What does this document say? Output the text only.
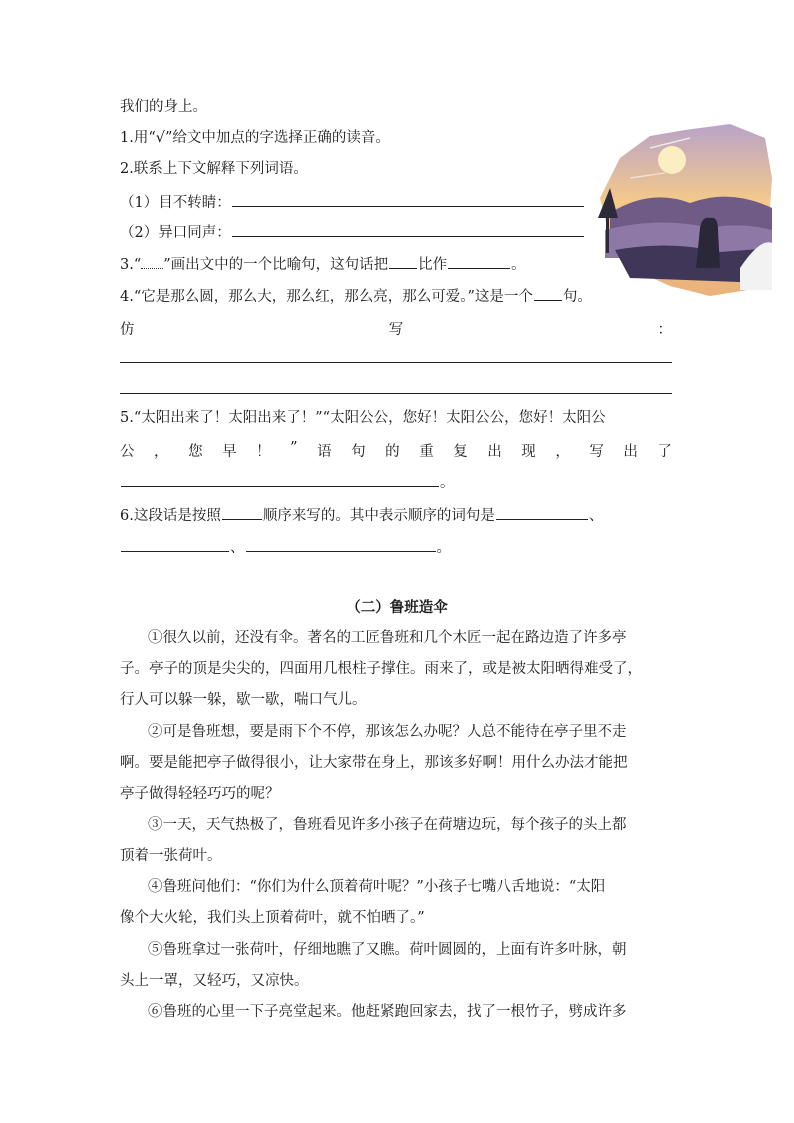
我们的身上。
1.用“√”给文中加点的字选择正确的读音。
2.联系上下文解释下列词语。
（1）目不转睛：
（2）异口同声：
3.“ ”画出文中的一个比喻句，这句话把 比作	。
4.“它是那么圆，那么大，那么红，那么亮，那么可爱。”这是一个 句。
仿	写	：
5.“太阳出来了！太阳出来了！”“太阳公公，您好！太阳公公，您好！太阳公
公 ， 您 早 ！ ” 语 句 的 重 复 出 现 ， 写 出 了
。
6.这段话是按照	顺序来写的。其中表示顺序的词句是	、
、	。
（二）鲁班造伞
①很久以前，还没有伞。著名的工匠鲁班和几个木匠一起在路边造了许多亭
子。亭子的顶是尖尖的，四面用几根柱子撑住。雨来了，或是被太阳晒得难受了，
行人可以躲一躲，歇一歇，喘口气儿。
②可是鲁班想，要是雨下个不停，那该怎么办呢？人总不能待在亭子里不走
啊。要是能把亭子做得很小，让大家带在身上，那该多好啊！用什么办法才能把
亭子做得轻轻巧巧的呢？
③一天，天气热极了，鲁班看见许多小孩子在荷塘边玩，每个孩子的头上都
顶着一张荷叶。
④鲁班问他们：“你们为什么顶着荷叶呢？”小孩子七嘴八舌地说：“太阳
像个大火轮，我们头上顶着荷叶，就不怕晒了。”
⑤鲁班拿过一张荷叶，仔细地瞧了又瞧。荷叶圆圆的，上面有许多叶脉，朝
头上一罩，又轻巧，又凉快。
⑥鲁班的心里一下子亮堂起来。他赶紧跑回家去，找了一根竹子，劈成许多
